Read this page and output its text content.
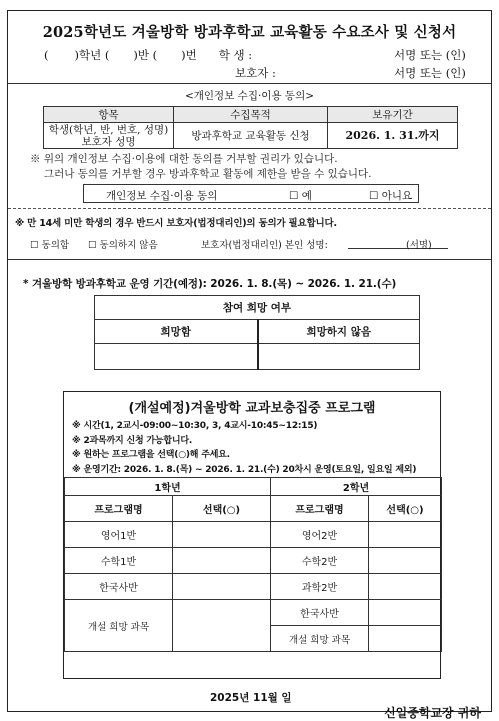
2025학년도 겨울방학 방과후학교 교육활동 수요조사 및 신청서
( )학년 ( )반 ( )번 학 생 :	서명 또는 (인)
보호자 :	서명 또는 (인)
<개인정보 수집·이용 동의>
항목	수집목적	보유기간

학생(학년, 반, 번호, 성명)
보호자 성명	방과후학교 교육활동 신청	2026. 1. 31.까지
※ 위의 개인정보 수집·이용에 대한 동의를 거부할 권리가 있습니다.
그러나 동의를 거부할 경우 방과후학교 활동에 제한을 받을 수 있습니다.
개인정보 수집·이용 동의	☐ 예	☐ 아니요
※ 만 14세 미만 학생의 경우 반드시 보호자(법정대리인)의 동의가 필요합니다.
☐ 동의함 ☐ 동의하지 않음	보호자(법정대리인) 본인 성명:	(서명)
* 겨울방학 방과후학교 운영 기간(예정): 2026. 1. 8.(목) ~ 2026. 1. 21.(수)
참여 희망 여부	
희망함	희망하지 않음

(개설예정)겨울방학 교과보충집중 프로그램
※ 시간(1, 2교시-09:00~10:30, 3, 4교시-10:45~12:15)
※ 2과목까지 신청 가능합니다.
※ 원하는 프로그램을 선택(○)해 주세요.
※ 운영기간: 2026. 1. 8.(목) ~ 2026. 1. 21.(수) 20차시 운영(토요일, 일요일 제외)
1학년		2학년	
프로그램명	선택(○)	프로그램명	선택(○)
영어1반		영어2반	
수학1반		수학2반	
한국사반		과학2반	
개설 희망 과목		한국사반	
		개설 희망 과목	
2025년 11월 일
신일중학교장 귀하
